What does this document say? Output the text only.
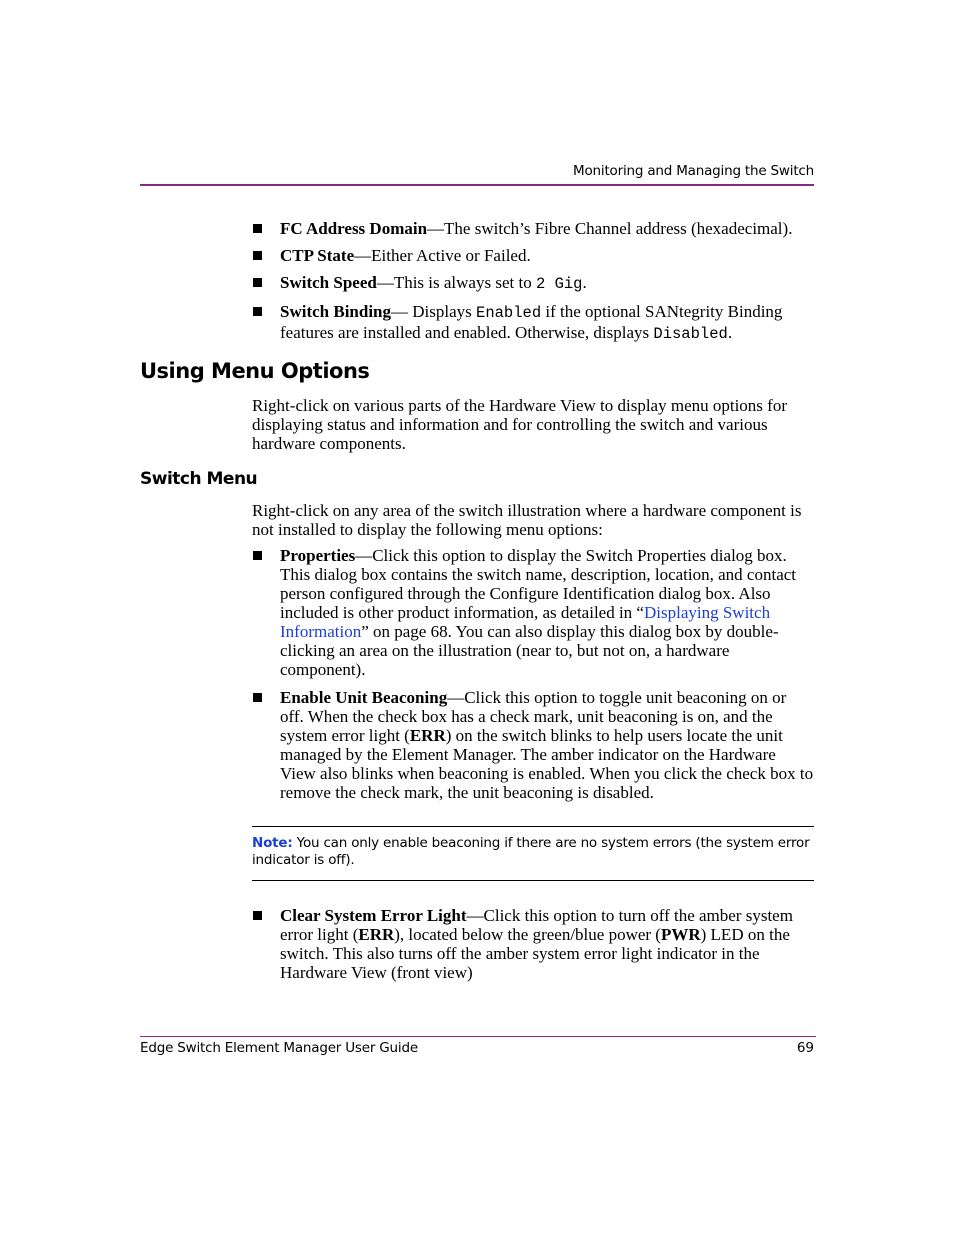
Monitoring and Managing the Switch
FC Address Domain—The switch’s Fibre Channel address (hexadecimal).
CTP State—Either Active or Failed.
Switch Speed—This is always set to 2 Gig.
Switch Binding— Displays Enabled if the optional SANtegrity Binding features are installed and enabled. Otherwise, displays Disabled.
Using Menu Options

Right-click on various parts of the Hardware View to display menu options for displaying status and information and for controlling the switch and various hardware components.

Switch Menu

Right-click on any area of the switch illustration where a hardware component is not installed to display the following menu options:

Properties—Click this option to display the Switch Properties dialog box. This dialog box contains the switch name, description, location, and contact person configured through the Configure Identification dialog box. Also included is other product information, as detailed in “Displaying Switch Information” on page 68. You can also display this dialog box by double-clicking an area on the illustration (near to, but not on, a hardware component).
Enable Unit Beaconing—Click this option to toggle unit beaconing on or off. When the check box has a check mark, unit beaconing is on, and the system error light (ERR) on the switch blinks to help users locate the unit managed by the Element Manager. The amber indicator on the Hardware View also blinks when beaconing is enabled. When you click the check box to remove the check mark, the unit beaconing is disabled.
Note: You can only enable beaconing if there are no system errors (the system error indicator is off).
Clear System Error Light—Click this option to turn off the amber system error light (ERR), located below the green/blue power (PWR) LED on the switch. This also turns off the amber system error light indicator in the Hardware View (front view)
Edge Switch Element Manager User Guide	69
